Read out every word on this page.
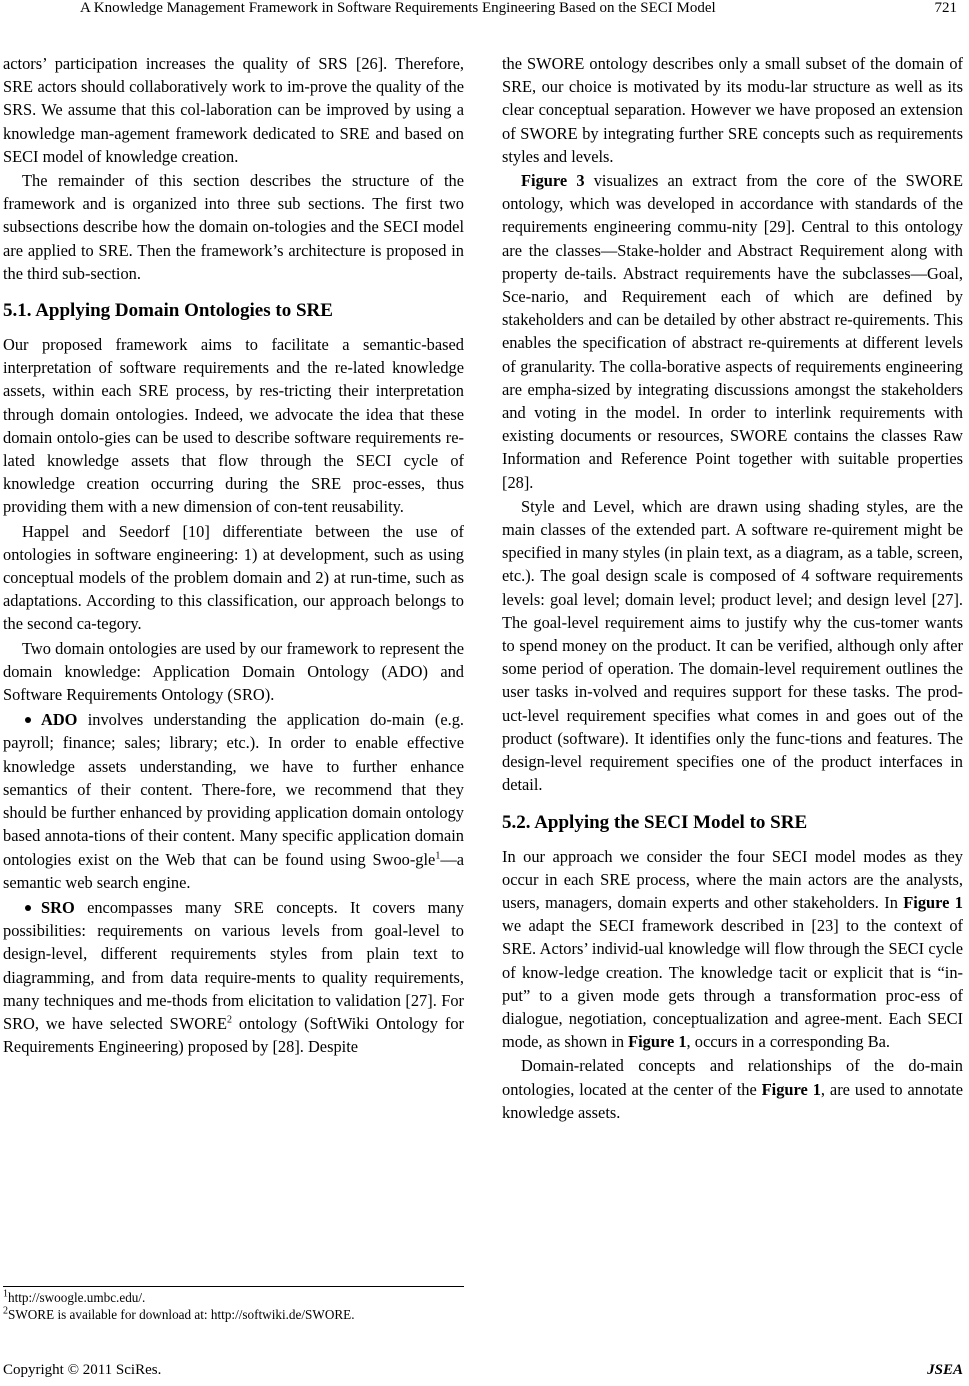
A Knowledge Management Framework in Software Requirements Engineering Based on the SECI Model	721

actors’ participation increases the quality of SRS [26]. Therefore, SRE actors should collaboratively work to im-prove the quality of the SRS. We assume that this col-laboration can be improved by using a knowledge man-agement framework dedicated to SRE and based on SECI model of knowledge creation.

The remainder of this section describes the structure of the framework and is organized into three sub sections. The first two subsections describe how the domain on-tologies and the SECI model are applied to SRE. Then the framework’s architecture is proposed in the third sub-section.

5.1. Applying Domain Ontologies to SRE

Our proposed framework aims to facilitate a semantic-based interpretation of software requirements and the re-lated knowledge assets, within each SRE process, by res-tricting their interpretation through domain ontologies. Indeed, we advocate the idea that these domain ontolo-gies can be used to describe software requirements re-lated knowledge assets that flow through the SECI cycle of knowledge creation occurring during the SRE proc-esses, thus providing them with a new dimension of con-tent reusability.

Happel and Seedorf [10] differentiate between the use of ontologies in software engineering: 1) at development, such as using conceptual models of the problem domain and 2) at run-time, such as adaptations. According to this classification, our approach belongs to the second ca-tegory.

Two domain ontologies are used by our framework to represent the domain knowledge: Application Domain Ontology (ADO) and Software Requirements Ontology (SRO).

ADO involves understanding the application do-main (e.g. payroll; finance; sales; library; etc.). In order to enable effective knowledge assets understanding, we have to further enhance semantics of their content. There-fore, we recommend that they should be further enhanced by providing application domain ontology based annota-tions of their content. Many specific application domain ontologies exist on the Web that can be found using Swoo-gle$^1$—a semantic web search engine.

SRO encompasses many SRE concepts. It covers many possibilities: requirements on various levels from goal-level to design-level, different requirements styles from plain text to diagramming, and from data require-ments to quality requirements, many techniques and me-thods from elicitation to validation [27]. For SRO, we have selected SWORE$^2$ ontology (SoftWiki Ontology for Requirements Engineering) proposed by [28]. Despite

the SWORE ontology describes only a small subset of the domain of SRE, our choice is motivated by its modu-lar structure as well as its clear conceptual separation. However we have proposed an extension of SWORE by integrating further SRE concepts such as requirements styles and levels.

Figure 3 visualizes an extract from the core of the SWORE ontology, which was developed in accordance with standards of the requirements engineering commu-nity [29]. Central to this ontology are the classes—Stake-holder and Abstract Requirement along with property de-tails. Abstract requirements have the subclasses—Goal, Sce-nario, and Requirement each of which are defined by stakeholders and can be detailed by other abstract re-quirements. This enables the specification of abstract re-quirements at different levels of granularity. The colla-borative aspects of requirements engineering are empha-sized by integrating discussions amongst the stakeholders and voting in the model. In order to interlink requirements with existing documents or resources, SWORE contains the classes Raw Information and Reference Point together with suitable properties [28].

Style and Level, which are drawn using shading styles, are the main classes of the extended part. A software re-quirement might be specified in many styles (in plain text, as a diagram, as a table, screen, etc.). The goal design scale is composed of 4 software requirements levels: goal level; domain level; product level; and design level [27]. The goal-level requirement aims to justify why the cus-tomer wants to spend money on the product. It can be verified, although only after some period of operation. The domain-level requirement outlines the user tasks in-volved and requires support for these tasks. The prod-uct-level requirement specifies what comes in and goes out of the product (software). It identifies only the func-tions and features. The design-level requirement specifies one of the product interfaces in detail.

5.2. Applying the SECI Model to SRE

In our approach we consider the four SECI model modes as they occur in each SRE process, where the main actors are the analysts, users, managers, domain experts and other stakeholders. In Figure 1 we adapt the SECI framework described in [23] to the context of SRE. Actors’ individ-ual knowledge will flow through the SECI cycle of know-ledge creation. The knowledge tacit or explicit that is “in-put” to a given mode gets through a transformation proc-ess of dialogue, negotiation, conceptualization and agree-ment. Each SECI mode, as shown in Figure 1, occurs in a corresponding Ba.

Domain-related concepts and relationships of the do-main ontologies, located at the center of the Figure 1, are used to annotate knowledge assets.

$^1$http://swoogle.umbc.edu/.
$^2$SWORE is available for download at: http://softwiki.de/SWORE.
Copyright © 2011 SciRes.	JSEA
